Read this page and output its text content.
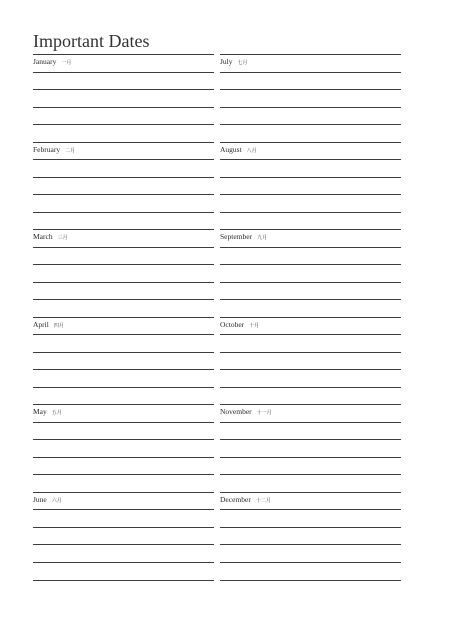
Important Dates
January 一月
February 二月
March 三月
April 四月
May 五月
June 六月
July 七月
August 八月
September 九月
October 十月
November 十一月
December 十二月
